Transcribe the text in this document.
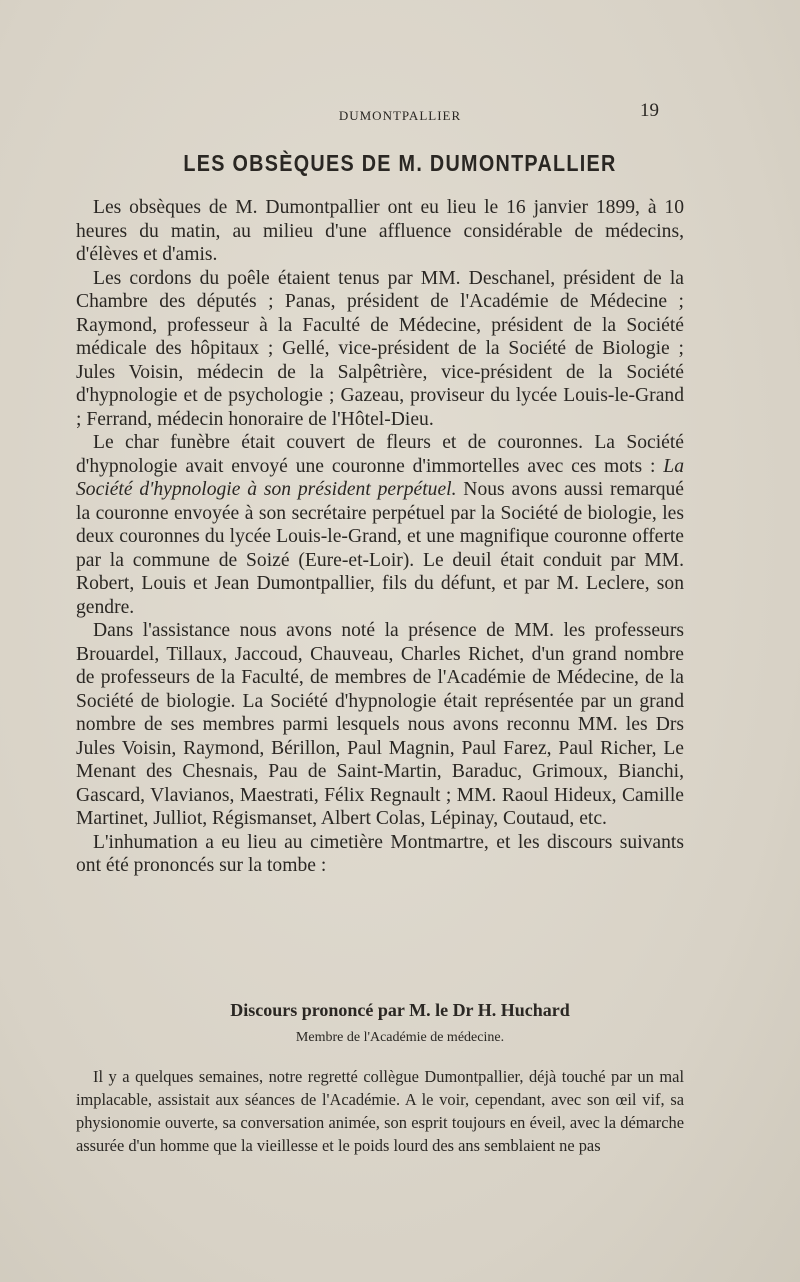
DUMONTPALLIER	19
LES OBSÈQUES DE M. DUMONTPALLIER

Les obsèques de M. Dumontpallier ont eu lieu le 16 janvier 1899, à 10 heures du matin, au milieu d'une affluence considérable de médecins, d'élèves et d'amis.

Les cordons du poêle étaient tenus par MM. Deschanel, président de la Chambre des députés ; Panas, président de l'Académie de Médecine ; Raymond, professeur à la Faculté de Médecine, président de la Société médicale des hôpitaux ; Gellé, vice-président de la Société de Biologie ; Jules Voisin, médecin de la Salpêtrière, vice-président de la Société d'hypnologie et de psychologie ; Gazeau, proviseur du lycée Louis-le-Grand ; Ferrand, médecin honoraire de l'Hôtel-Dieu.

Le char funèbre était couvert de fleurs et de couronnes. La Société d'hypnologie avait envoyé une couronne d'immortelles avec ces mots : La Société d'hypnologie à son président perpétuel. Nous avons aussi remarqué la couronne envoyée à son secrétaire perpétuel par la Société de biologie, les deux couronnes du lycée Louis-le-Grand, et une magnifique couronne offerte par la commune de Soizé (Eure-et-Loir). Le deuil était conduit par MM. Robert, Louis et Jean Dumontpallier, fils du défunt, et par M. Leclere, son gendre.

Dans l'assistance nous avons noté la présence de MM. les professeurs Brouardel, Tillaux, Jaccoud, Chauveau, Charles Richet, d'un grand nombre de professeurs de la Faculté, de membres de l'Académie de Médecine, de la Société de biologie. La Société d'hypnologie était représentée par un grand nombre de ses membres parmi lesquels nous avons reconnu MM. les Drs Jules Voisin, Raymond, Bérillon, Paul Magnin, Paul Farez, Paul Richer, Le Menant des Chesnais, Pau de Saint-Martin, Baraduc, Grimoux, Bianchi, Gascard, Vlavianos, Maestrati, Félix Regnault ; MM. Raoul Hideux, Camille Martinet, Julliot, Régismanset, Albert Colas, Lépinay, Coutaud, etc.

L'inhumation a eu lieu au cimetière Montmartre, et les discours suivants ont été prononcés sur la tombe :

Discours prononcé par M. le Dr H. Huchard
Membre de l'Académie de médecine.

Il y a quelques semaines, notre regretté collègue Dumontpallier, déjà touché par un mal implacable, assistait aux séances de l'Académie. A le voir, cependant, avec son œil vif, sa physionomie ouverte, sa conversation animée, son esprit toujours en éveil, avec la démarche assurée d'un homme que la vieillesse et le poids lourd des ans semblaient ne pas
